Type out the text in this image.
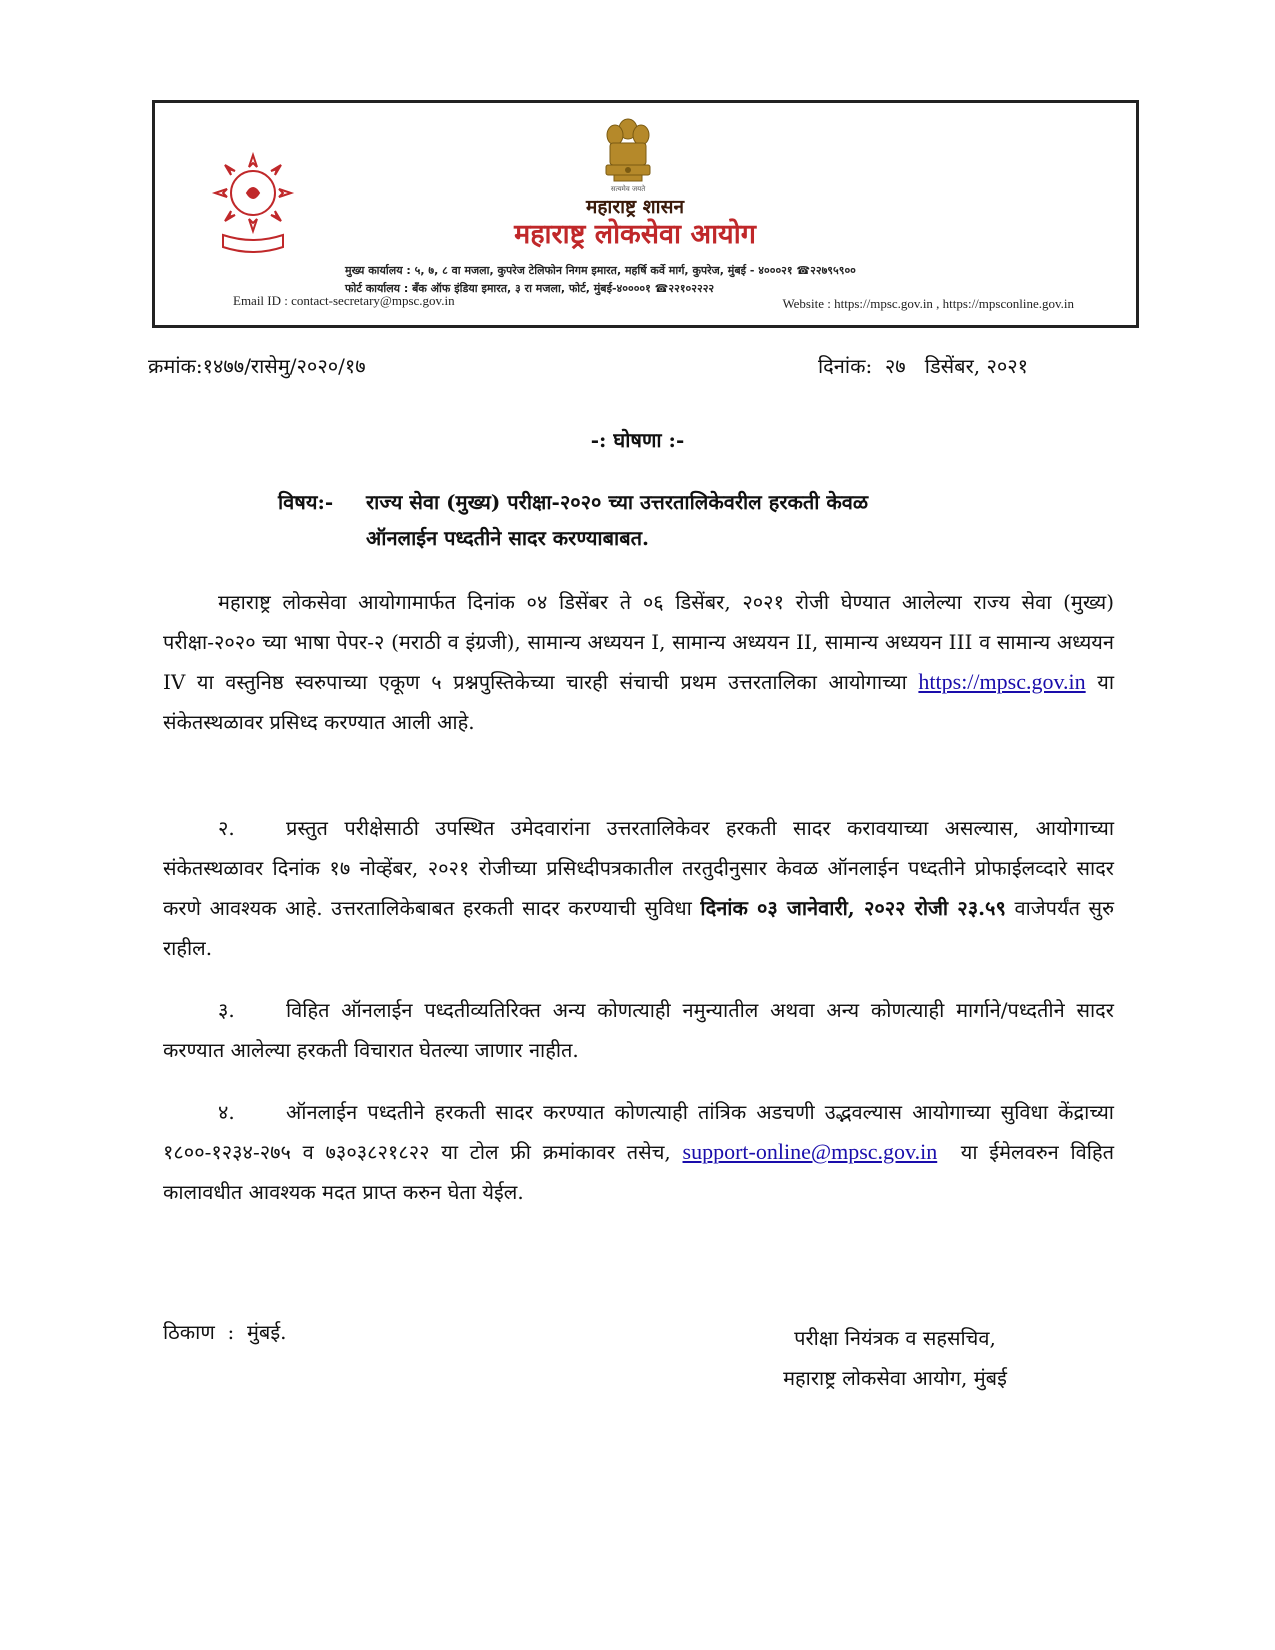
सत्यमेव जयते
महाराष्ट्र शासन
महाराष्ट्र लोकसेवा आयोग
मुख्य कार्यालय : ५, ७, ८ वा मजला, कुपरेज टेलिफोन निगम इमारत, महर्षि कर्वे मार्ग, कुपरेज, मुंबई - ४०००२१ ☎२२७९५९००
फोर्ट कार्यालय : बँक ऑफ इंडिया इमारत, ३ रा मजला, फोर्ट, मुंबई-४००००१ ☎२२१०२२२२
Email ID : contact-secretary@mpsc.gov.in	Website : https://mpsc.gov.in , https://mpsconline.gov.in
क्रमांक:१४७७/रासेमु/२०२०/१७	दिनांक:  २७   डिसेंबर, २०२१
-: घोषणा :-
विषय:- राज्य सेवा (मुख्य) परीक्षा-२०२० च्या उत्तरतालिकेवरील हरकती केवळ
ऑनलाईन पध्दतीने सादर करण्याबाबत.
महाराष्ट्र लोकसेवा आयोगामार्फत दिनांक ०४ डिसेंबर ते ०६ डिसेंबर, २०२१ रोजी घेण्यात आलेल्या राज्य सेवा (मुख्य) परीक्षा-२०२० च्या भाषा पेपर-२ (मराठी व इंग्रजी), सामान्य अध्ययन I, सामान्य अध्ययन II, सामान्य अध्ययन III व सामान्य अध्ययन IV या वस्तुनिष्ठ स्वरुपाच्या एकूण ५ प्रश्नपुस्तिकेच्या चारही संचाची प्रथम उत्तरतालिका आयोगाच्या https://mpsc.gov.in या संकेतस्थळावर प्रसिध्द करण्यात आली आहे.
२.	प्रस्तुत परीक्षेसाठी उपस्थित उमेदवारांना उत्तरतालिकेवर हरकती सादर करावयाच्या असल्यास, आयोगाच्या संकेतस्थळावर दिनांक १७ नोव्हेंबर, २०२१ रोजीच्या प्रसिध्दीपत्रकातील तरतुदीनुसार केवळ ऑनलाईन पध्दतीने प्रोफाईलव्दारे सादर करणे आवश्यक आहे. उत्तरतालिकेबाबत हरकती सादर करण्याची सुविधा दिनांक ०३ जानेवारी, २०२२ रोजी २३.५९ वाजेपर्यंत सुरु राहील.
३.	विहित ऑनलाईन पध्दतीव्यतिरिक्त अन्य कोणत्याही नमुन्यातील अथवा अन्य कोणत्याही मार्गाने/पध्दतीने सादर करण्यात आलेल्या हरकती विचारात घेतल्या जाणार नाहीत.
४.	ऑनलाईन पध्दतीने हरकती सादर करण्यात कोणत्याही तांत्रिक अडचणी उद्भवल्यास आयोगाच्या सुविधा केंद्राच्या १८००-१२३४-२७५ व ७३०३८२१८२२ या टोल फ्री क्रमांकावर तसेच, support-online@mpsc.gov.in या ईमेलवरुन विहित कालावधीत आवश्यक मदत प्राप्त करुन घेता येईल.
ठिकाण  :  मुंबई.	परीक्षा नियंत्रक व सहसचिव,
महाराष्ट्र लोकसेवा आयोग, मुंबई
